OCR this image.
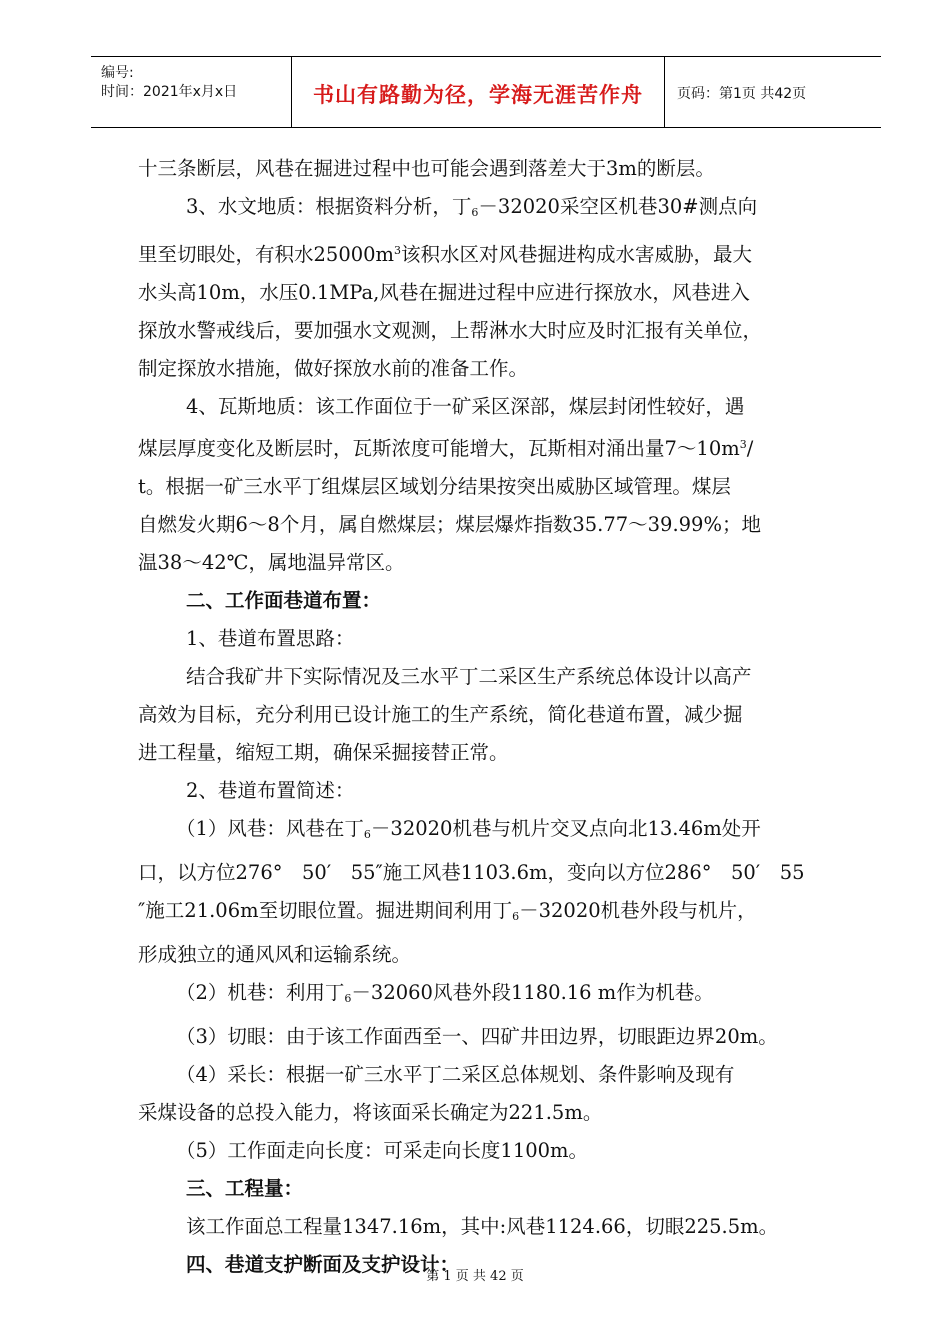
编号:
时间：2021年x月x日	书山有路勤为径，学海无涯苦作舟	页码：第1页 共42页

十三条断层，风巷在掘进过程中也可能会遇到落差大于3m的断层。

3、水文地质：根据资料分析，丁$_6$－32020采空区机巷30#测点向

里至切眼处，有积水$25000m^3$该积水区对风巷掘进构成水害威胁，最大

水头高10m，水压0.1MPa,风巷在掘进过程中应进行探放水，风巷进入

探放水警戒线后，要加强水文观测，上帮淋水大时应及时汇报有关单位，

制定探放水措施，做好探放水前的准备工作。

4、瓦斯地质：该工作面位于一矿采区深部，煤层封闭性较好，遇

煤层厚度变化及断层时，瓦斯浓度可能增大，瓦斯相对涌出量$7\sim 10m^3/$

t。根据一矿三水平丁组煤层区域划分结果按突出威胁区域管理。煤层

自燃发火期6～8个月，属自燃煤层；煤层爆炸指数35.77～39.99%；地

温38～42℃，属地温异常区。

二、工作面巷道布置：

1、巷道布置思路：

结合我矿井下实际情况及三水平丁二采区生产系统总体设计以高产

高效为目标，充分利用已设计施工的生产系统，简化巷道布置，减少掘

进工程量，缩短工期，确保采掘接替正常。

2、巷道布置简述：

（1）风巷：风巷在丁$_6$－32020机巷与机片交叉点向北13.46m处开

口，以方位276°　50′　55″施工风巷1103.6m，变向以方位286°　50′　55

″施工21.06m至切眼位置。掘进期间利用丁$_6$－32020机巷外段与机片，

形成独立的通风风和运输系统。

（2）机巷：利用丁$_6$－32060风巷外段1180.16 m作为机巷。

（3）切眼：由于该工作面西至一、四矿井田边界，切眼距边界20m。

（4）采长：根据一矿三水平丁二采区总体规划、条件影响及现有

采煤设备的总投入能力，将该面采长确定为221.5m。

（5）工作面走向长度：可采走向长度1100m。

三、工程量：

该工作面总工程量1347.16m，其中:风巷1124.66，切眼225.5m。

四、巷道支护断面及支护设计：

第 1 页 共 42 页
